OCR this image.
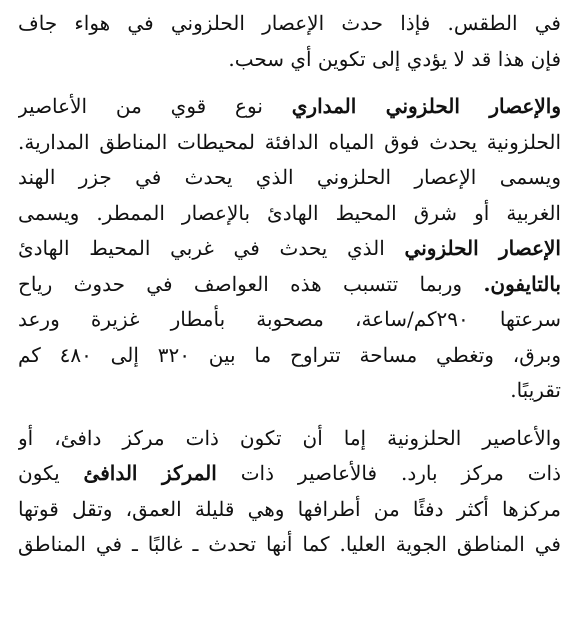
في الطقس. فإذا حدث الإعصار الحلزوني في هواء جاف
فإن هذا قد لا يؤدي إلى تكوين أي سحب.
والإعصار الحلزوني المداري نوع قوي من الأعاصير
الحلزونية يحدث فوق المياه الدافئة لمحيطات المناطق المدارية.
ويسمى الإعصار الحلزوني الذي يحدث في جزر الهند
الغربية أو شرق المحيط الهادئ بالإعصار الممطر. ويسمى
الإعصار الحلزوني الذي يحدث في غربي المحيط الهادئ
بالتايفون. وربما تتسبب هذه العواصف في حدوث رياح
سرعتها ٢٩٠كم/ساعة، مصحوبة بأمطار غزيرة ورعد
وبرق، وتغطي مساحة تتراوح ما بين ٣٢٠ إلى ٤٨٠ كم
تقريبًا.
والأعاصير الحلزونية إما أن تكون ذات مركز دافئ، أو
ذات مركز بارد. فالأعاصير ذات المركز الدافئ يكون
مركزها أكثر دفئًا من أطرافها وهي قليلة العمق، وتقل قوتها
في المناطق الجوية العليا. كما أنها تحدث ـ غالبًا ـ في المناطق
